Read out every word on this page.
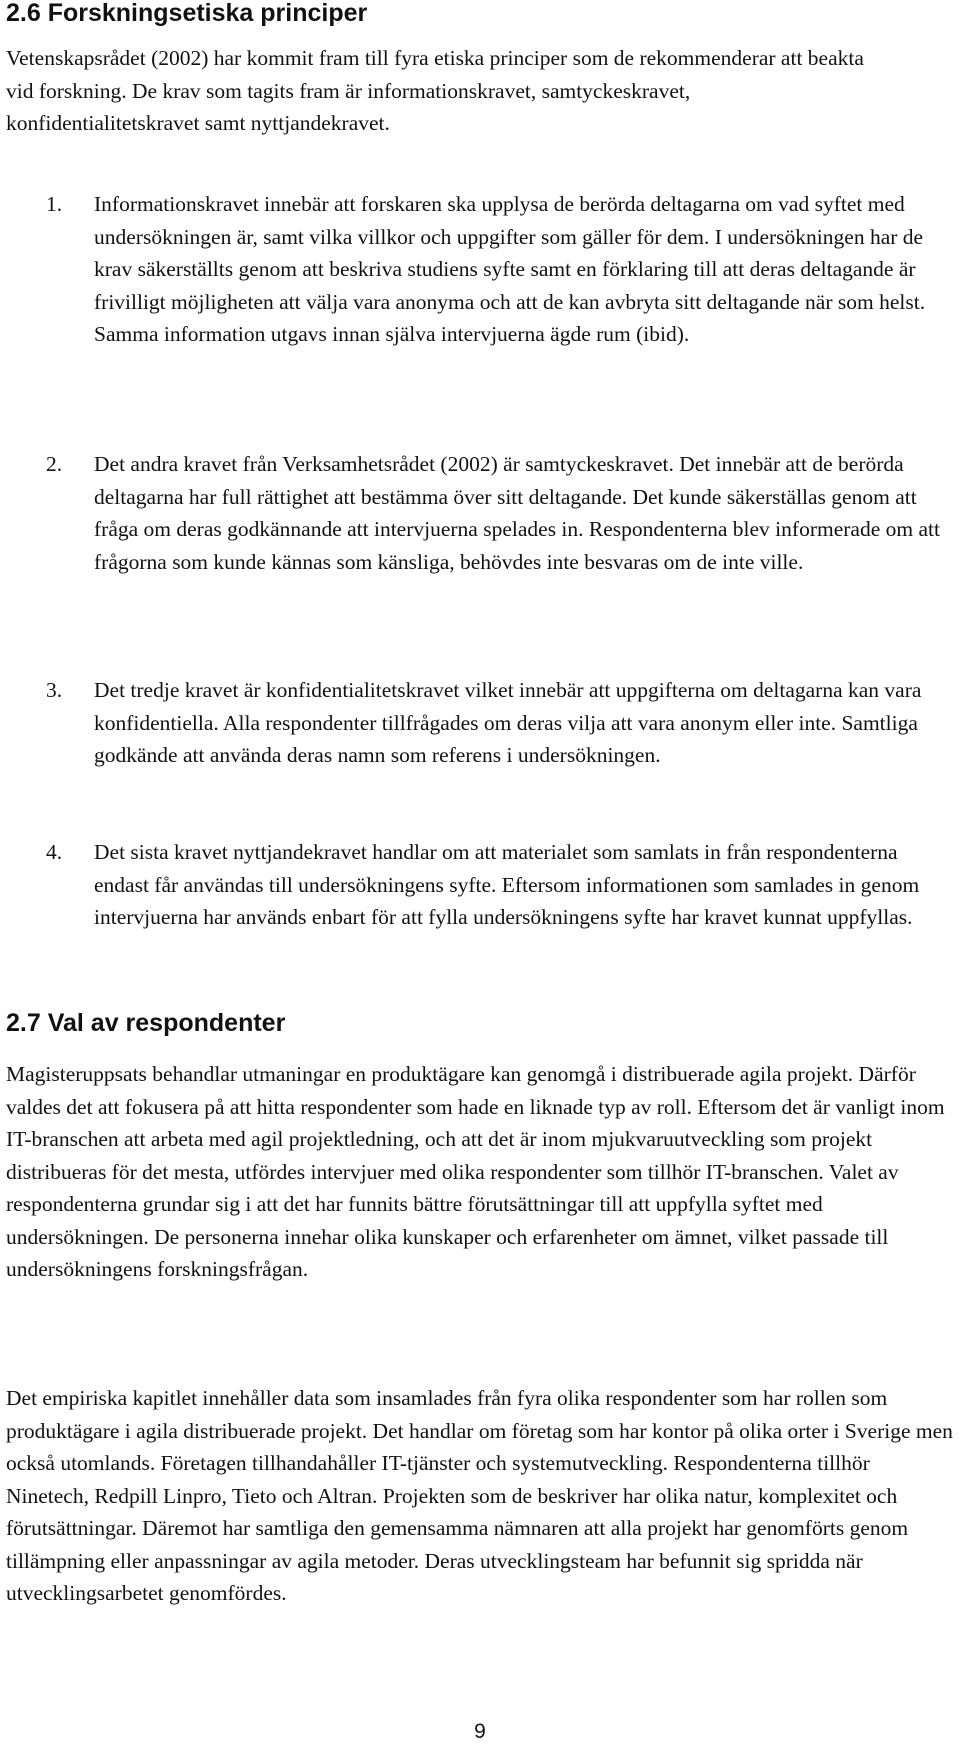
2.6 Forskningsetiska principer

Vetenskapsrådet (2002) har kommit fram till fyra etiska principer som de rekommenderar att beakta vid forskning. De krav som tagits fram är informationskravet, samtyckeskravet, konfidentialitetskravet samt nyttjandekravet.

1. Informationskravet innebär att forskaren ska upplysa de berörda deltagarna om vad syftet med undersökningen är, samt vilka villkor och uppgifter som gäller för dem. I undersökningen har de krav säkerställts genom att beskriva studiens syfte samt en förklaring till att deras deltagande är frivilligt möjligheten att välja vara anonyma och att de kan avbryta sitt deltagande när som helst. Samma information utgavs innan själva intervjuerna ägde rum (ibid).
2. Det andra kravet från Verksamhetsrådet (2002) är samtyckeskravet. Det innebär att de berörda deltagarna har full rättighet att bestämma över sitt deltagande. Det kunde säkerställas genom att fråga om deras godkännande att intervjuerna spelades in. Respondenterna blev informerade om att frågorna som kunde kännas som känsliga, behövdes inte besvaras om de inte ville.
3. Det tredje kravet är konfidentialitetskravet vilket innebär att uppgifterna om deltagarna kan vara konfidentiella. Alla respondenter tillfrågades om deras vilja att vara anonym eller inte. Samtliga godkände att använda deras namn som referens i undersökningen.
4. Det sista kravet nyttjandekravet handlar om att materialet som samlats in från respondenterna endast får användas till undersökningens syfte. Eftersom informationen som samlades in genom intervjuerna har används enbart för att fylla undersökningens syfte har kravet kunnat uppfyllas.
2.7 Val av respondenter

Magisteruppsats behandlar utmaningar en produktägare kan genomgå i distribuerade agila projekt. Därför valdes det att fokusera på att hitta respondenter som hade en liknade typ av roll. Eftersom det är vanligt inom IT-branschen att arbeta med agil projektledning, och att det är inom mjukvaruutveckling som projekt distribueras för det mesta, utfördes intervjuer med olika respondenter som tillhör IT-branschen. Valet av respondenterna grundar sig i att det har funnits bättre förutsättningar till att uppfylla syftet med undersökningen. De personerna innehar olika kunskaper och erfarenheter om ämnet, vilket passade till undersökningens forskningsfrågan.

Det empiriska kapitlet innehåller data som insamlades från fyra olika respondenter som har rollen som produktägare i agila distribuerade projekt. Det handlar om företag som har kontor på olika orter i Sverige men också utomlands. Företagen tillhandahåller IT-tjänster och systemutveckling. Respondenterna tillhör Ninetech, Redpill Linpro, Tieto och Altran. Projekten som de beskriver har olika natur, komplexitet och förutsättningar. Däremot har samtliga den gemensamma nämnaren att alla projekt har genomförts genom tillämpning eller anpassningar av agila metoder. Deras utvecklingsteam har befunnit sig spridda när utvecklingsarbetet genomfördes.

9
